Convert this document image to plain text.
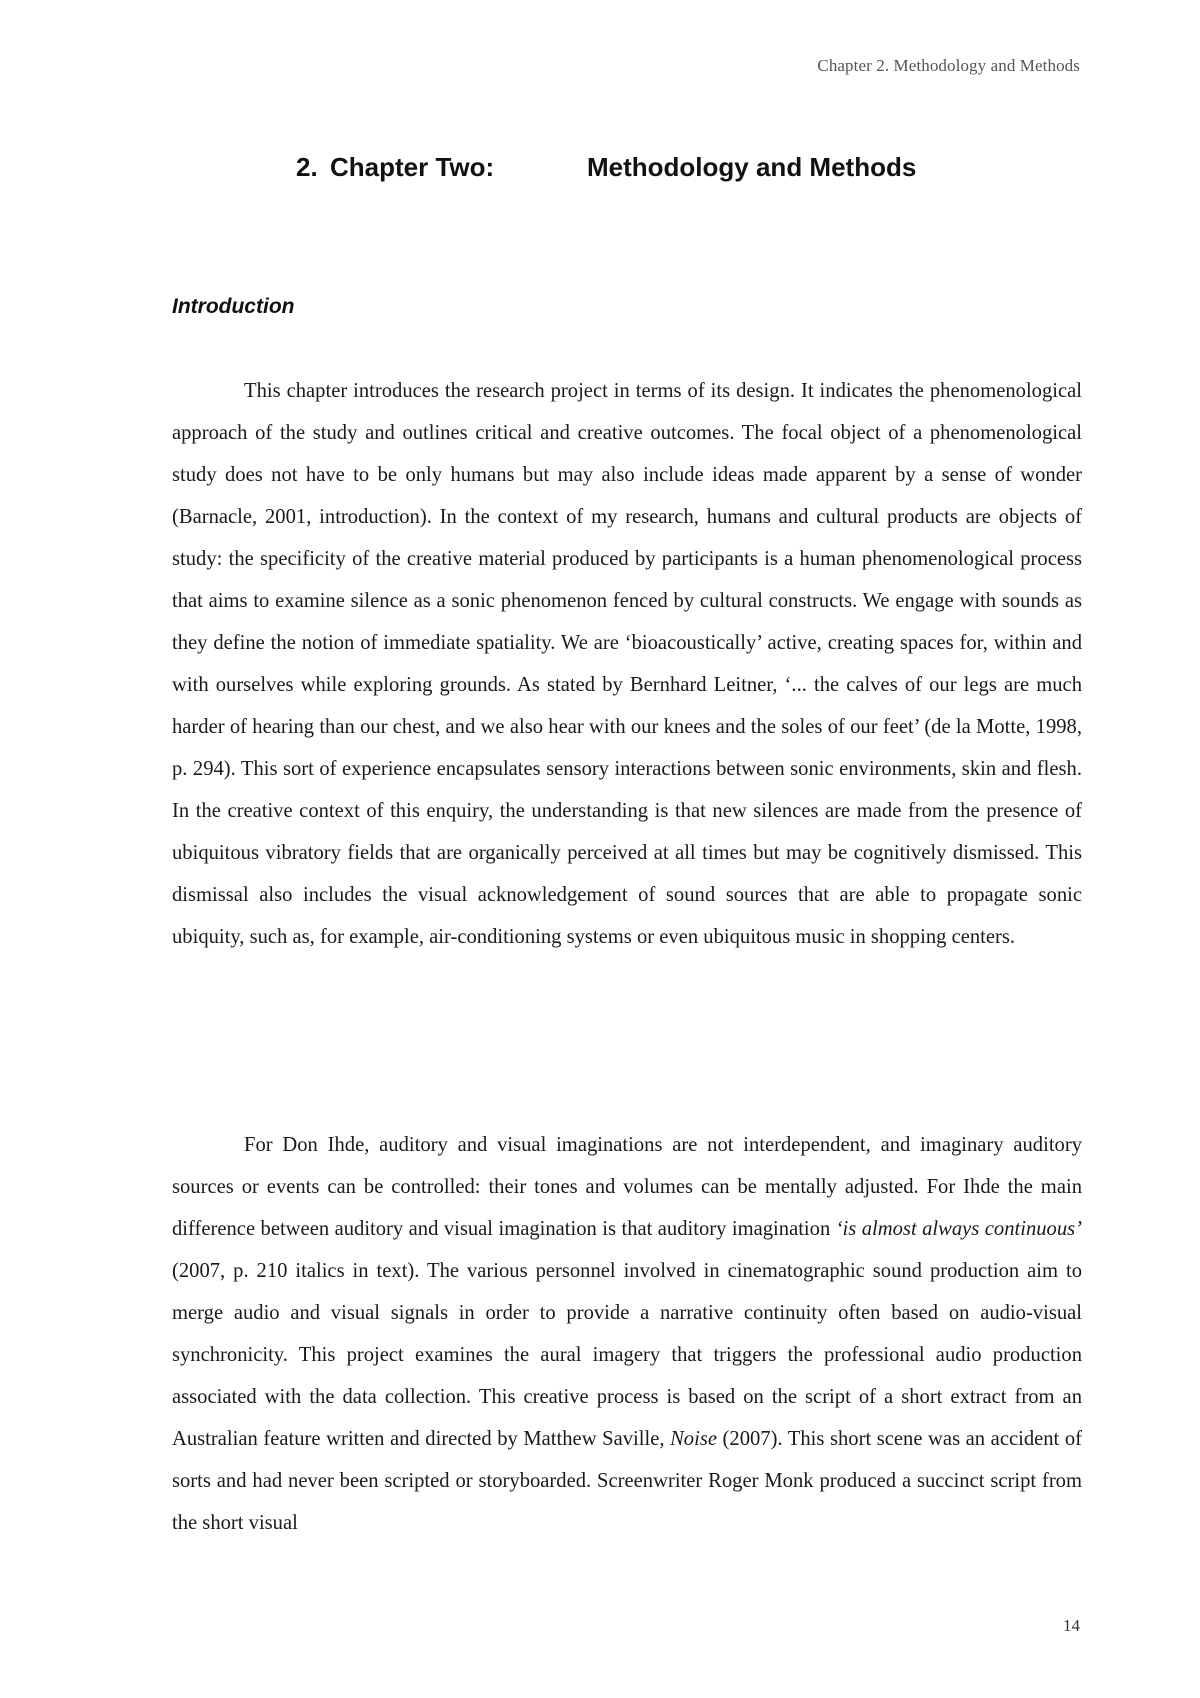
Chapter 2. Methodology and Methods
2. Chapter Two:	Methodology and Methods
Introduction

This chapter introduces the research project in terms of its design. It indicates the phenomenological approach of the study and outlines critical and creative outcomes. The focal object of a phenomenological study does not have to be only humans but may also include ideas made apparent by a sense of wonder (Barnacle, 2001, introduction). In the context of my research, humans and cultural products are objects of study: the specificity of the creative material produced by participants is a human phenomenological process that aims to examine silence as a sonic phenomenon fenced by cultural constructs. We engage with sounds as they define the notion of immediate spatiality. We are ‘bioacoustically’ active, creating spaces for, within and with ourselves while exploring grounds. As stated by Bernhard Leitner, ‘... the calves of our legs are much harder of hearing than our chest, and we also hear with our knees and the soles of our feet’ (de la Motte, 1998, p. 294). This sort of experience encapsulates sensory interactions between sonic environments, skin and flesh. In the creative context of this enquiry, the understanding is that new silences are made from the presence of ubiquitous vibratory fields that are organically perceived at all times but may be cognitively dismissed. This dismissal also includes the visual acknowledgement of sound sources that are able to propagate sonic ubiquity, such as, for example, air-conditioning systems or even ubiquitous music in shopping centers.

For Don Ihde, auditory and visual imaginations are not interdependent, and imaginary auditory sources or events can be controlled: their tones and volumes can be mentally adjusted. For Ihde the main difference between auditory and visual imagination is that auditory imagination ‘is almost always continuous’ (2007, p. 210 italics in text). The various personnel involved in cinematographic sound production aim to merge audio and visual signals in order to provide a narrative continuity often based on audio-visual synchronicity. This project examines the aural imagery that triggers the professional audio production associated with the data collection. This creative process is based on the script of a short extract from an Australian feature written and directed by Matthew Saville, Noise (2007). This short scene was an accident of sorts and had never been scripted or storyboarded. Screenwriter Roger Monk produced a succinct script from the short visual

14
